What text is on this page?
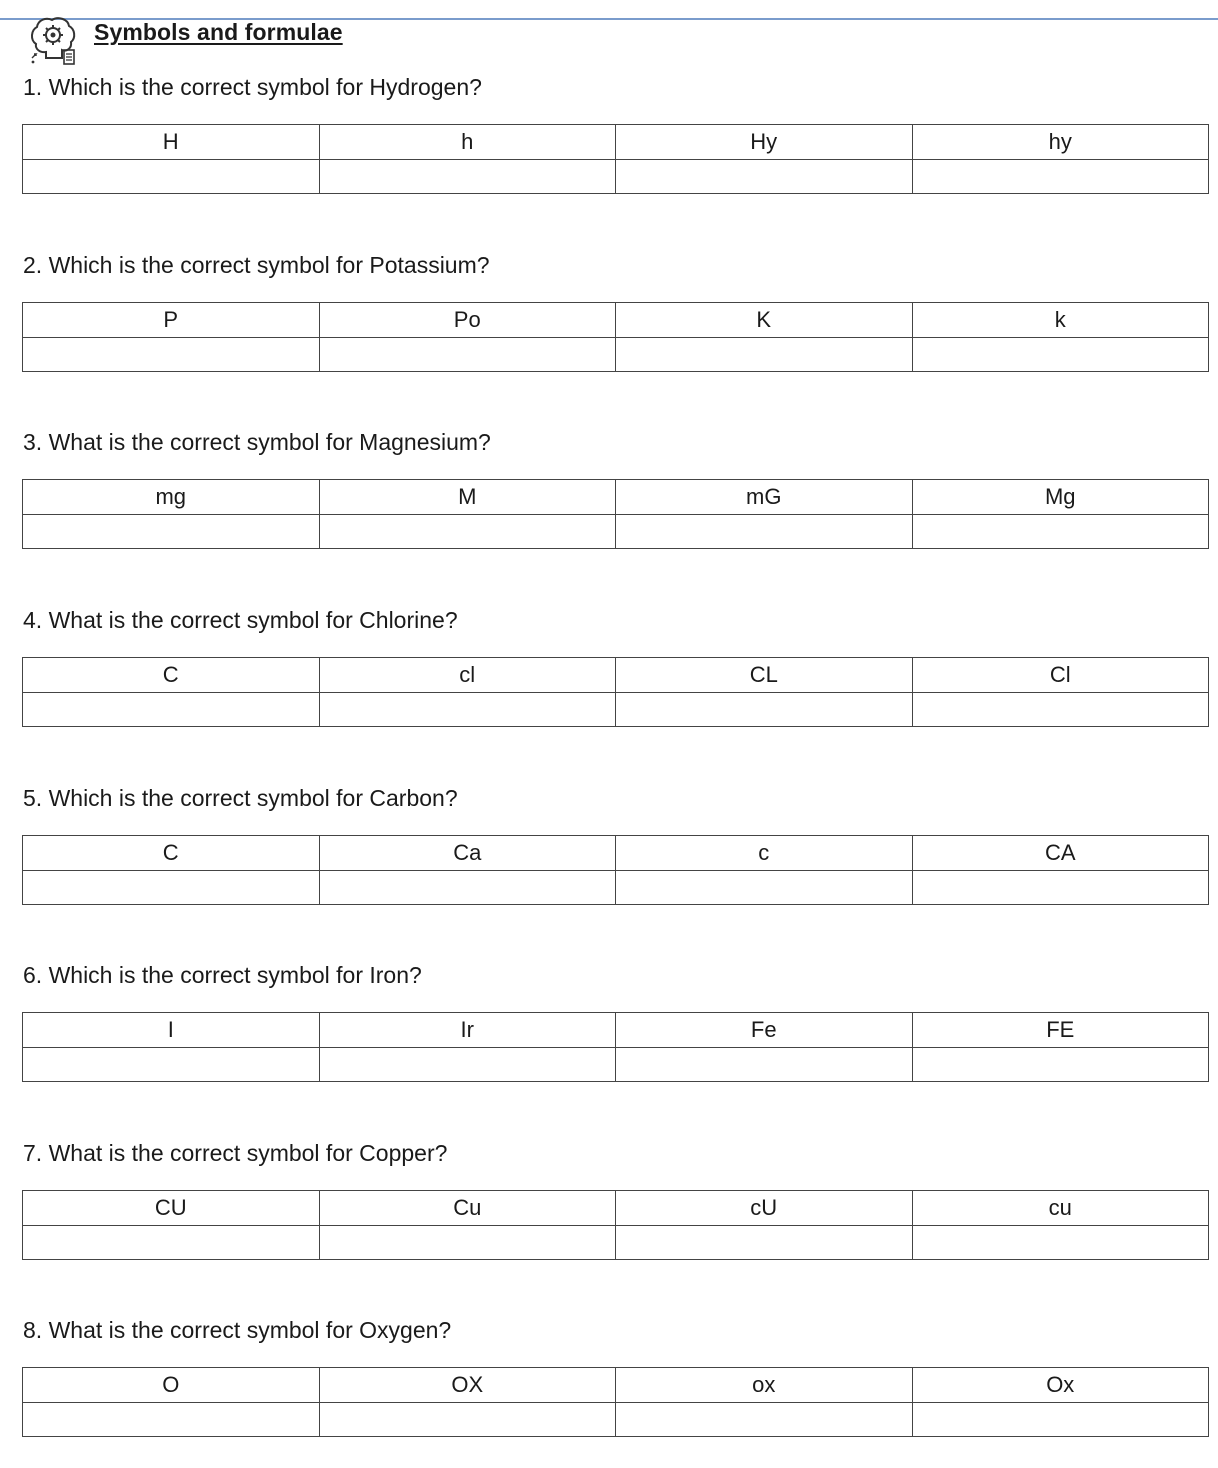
Symbols and formulae
1. Which is the correct symbol for Hydrogen?
H	h	Hy	hy

2. Which is the correct symbol for Potassium?
P	Po	K	k

3. What is the correct symbol for Magnesium?
mg	M	mG	Mg

4. What is the correct symbol for Chlorine?
C	cl	CL	Cl

5. Which is the correct symbol for Carbon?
C	Ca	c	CA

6. Which is the correct symbol for Iron?
I	Ir	Fe	FE

7. What is the correct symbol for Copper?
CU	Cu	cU	cu

8. What is the correct symbol for Oxygen?
O	OX	ox	Ox
